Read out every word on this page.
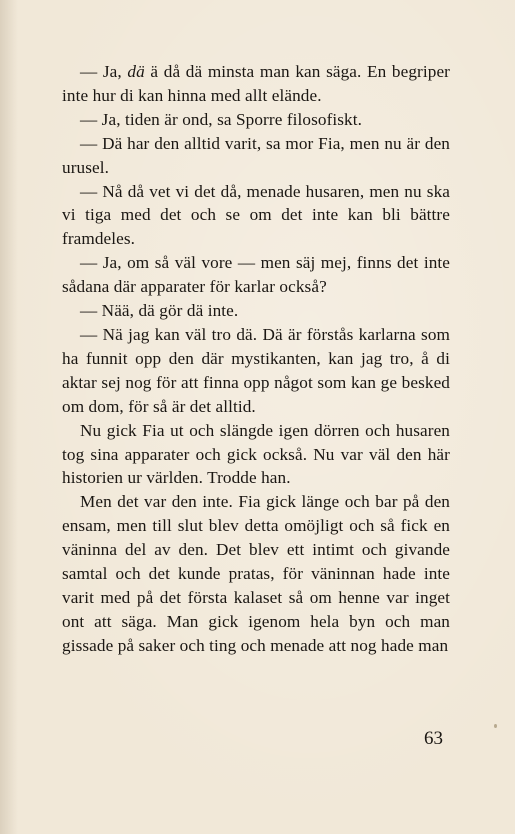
— Ja, dä ä då dä minsta man kan säga. En begriper inte hur di kan hinna med allt elände.

— Ja, tiden är ond, sa Sporre filosofiskt.

— Dä har den alltid varit, sa mor Fia, men nu är den urusel.

— Nå då vet vi det då, menade husaren, men nu ska vi tiga med det och se om det inte kan bli bättre framdeles.

— Ja, om så väl vore — men säj mej, finns det inte sådana där apparater för karlar också?

— Nää, dä gör dä inte.

— Nä jag kan väl tro dä. Dä är förstås karlarna som ha funnit opp den där mystikanten, kan jag tro, å di aktar sej nog för att finna opp något som kan ge besked om dom, för så är det alltid.

Nu gick Fia ut och slängde igen dörren och husaren tog sina apparater och gick också. Nu var väl den här historien ur världen. Trodde han.

Men det var den inte. Fia gick länge och bar på den ensam, men till slut blev detta omöjligt och så fick en väninna del av den. Det blev ett intimt och givande samtal och det kunde pratas, för väninnan hade inte varit med på det första kalaset så om henne var inget ont att säga. Man gick igenom hela byn och man gissade på saker och ting och menade att nog hade man

63
